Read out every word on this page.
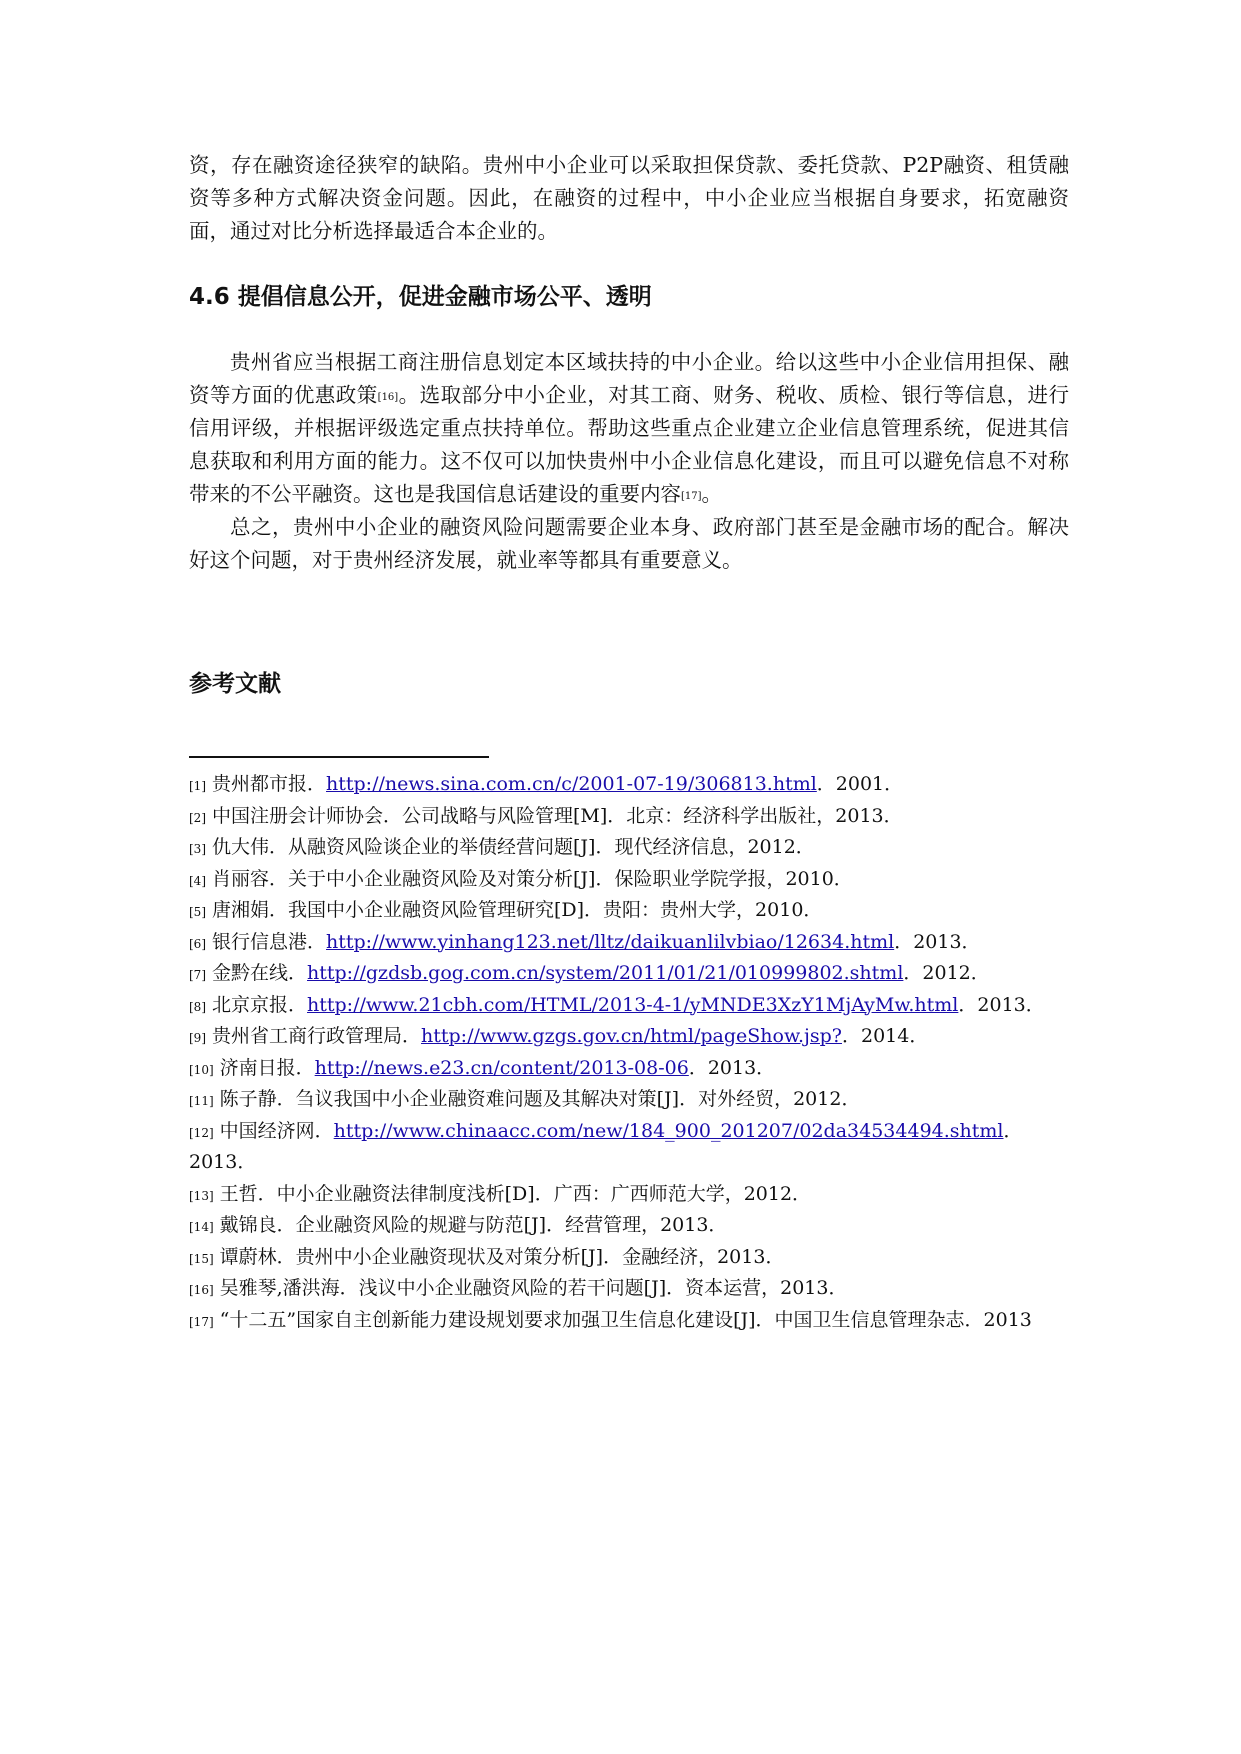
资，存在融资途径狭窄的缺陷。贵州中小企业可以采取担保贷款、委托贷款、P2P融资、租赁融资等多种方式解决资金问题。因此，在融资的过程中，中小企业应当根据自身要求，拓宽融资面，通过对比分析选择最适合本企业的。

4.6 提倡信息公开，促进金融市场公平、透明

贵州省应当根据工商注册信息划定本区域扶持的中小企业。给以这些中小企业信用担保、融资等方面的优惠政策[16]。选取部分中小企业，对其工商、财务、税收、质检、银行等信息，进行信用评级，并根据评级选定重点扶持单位。帮助这些重点企业建立企业信息管理系统，促进其信息获取和利用方面的能力。这不仅可以加快贵州中小企业信息化建设，而且可以避免信息不对称带来的不公平融资。这也是我国信息话建设的重要内容[17]。

总之，贵州中小企业的融资风险问题需要企业本身、政府部门甚至是金融市场的配合。解决好这个问题，对于贵州经济发展，就业率等都具有重要意义。

参考文献
[1] 贵州都市报．http://news.sina.com.cn/c/2001-07-19/306813.html．2001．
[2] 中国注册会计师协会．公司战略与风险管理[M]．北京：经济科学出版社，2013．
[3] 仇大伟．从融资风险谈企业的举债经营问题[J]．现代经济信息，2012．
[4] 肖丽容．关于中小企业融资风险及对策分析[J]．保险职业学院学报，2010．
[5] 唐湘娟．我国中小企业融资风险管理研究[D]．贵阳：贵州大学，2010．
[6] 银行信息港．http://www.yinhang123.net/lltz/daikuanlilvbiao/12634.html．2013．
[7] 金黔在线．http://gzdsb.gog.com.cn/system/2011/01/21/010999802.shtml．2012．
[8] 北京京报．http://www.21cbh.com/HTML/2013-4-1/yMNDE3XzY1MjAyMw.html．2013．
[9] 贵州省工商行政管理局．http://www.gzgs.gov.cn/html/pageShow.jsp?．2014．
[10] 济南日报．http://news.e23.cn/content/2013-08-06．2013．
[11] 陈子静．刍议我国中小企业融资难问题及其解决对策[J]．对外经贸，2012．
[12] 中国经济网．http://www.chinaacc.com/new/184_900_201207/02da34534494.shtml．2013．
[13] 王哲．中小企业融资法律制度浅析[D]．广西：广西师范大学，2012．
[14] 戴锦良．企业融资风险的规避与防范[J]．经营管理，2013．
[15] 谭蔚林．贵州中小企业融资现状及对策分析[J]．金融经济，2013．
[16] 吴雅琴,潘洪海．浅议中小企业融资风险的若干问题[J]．资本运营，2013．
[17] “十二五”国家自主创新能力建设规划要求加强卫生信息化建设[J]．中国卫生信息管理杂志．2013
